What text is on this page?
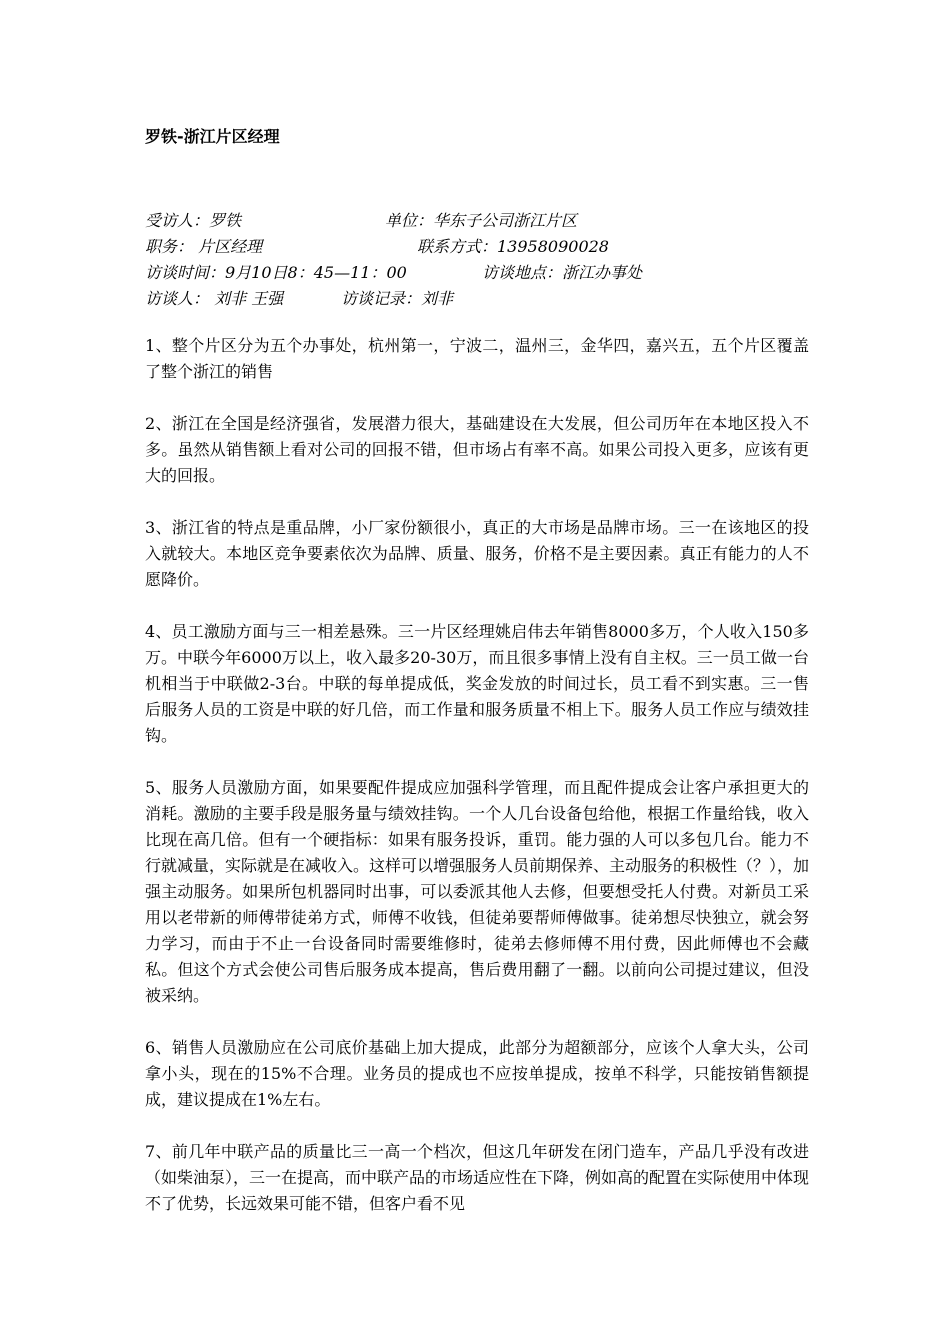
罗铁-浙江片区经理
受访人：罗铁	单位：华东子公司浙江片区
职务： 片区经理	联系方式：13958090028
访谈时间：9月10日8：45—11：00	访谈地点：浙江办事处
访谈人： 刘非 王强	访谈记录：刘非

1、整个片区分为五个办事处，杭州第一，宁波二，温州三，金华四，嘉兴五，五个片区覆盖了整个浙江的销售

2、浙江在全国是经济强省，发展潜力很大，基础建设在大发展，但公司历年在本地区投入不多。虽然从销售额上看对公司的回报不错，但市场占有率不高。如果公司投入更多，应该有更大的回报。

3、浙江省的特点是重品牌，小厂家份额很小，真正的大市场是品牌市场。三一在该地区的投入就较大。本地区竞争要素依次为品牌、质量、服务，价格不是主要因素。真正有能力的人不愿降价。

4、员工激励方面与三一相差悬殊。三一片区经理姚启伟去年销售8000多万，个人收入150多万。中联今年6000万以上，收入最多20-30万，而且很多事情上没有自主权。三一员工做一台机相当于中联做2-3台。中联的每单提成低，奖金发放的时间过长，员工看不到实惠。三一售后服务人员的工资是中联的好几倍，而工作量和服务质量不相上下。服务人员工作应与绩效挂钩。

5、服务人员激励方面，如果要配件提成应加强科学管理，而且配件提成会让客户承担更大的消耗。激励的主要手段是服务量与绩效挂钩。一个人几台设备包给他，根据工作量给钱，收入比现在高几倍。但有一个硬指标：如果有服务投诉，重罚。能力强的人可以多包几台。能力不行就减量，实际就是在减收入。这样可以增强服务人员前期保养、主动服务的积极性（？），加强主动服务。如果所包机器同时出事，可以委派其他人去修，但要想受托人付费。对新员工采用以老带新的师傅带徒弟方式，师傅不收钱，但徒弟要帮师傅做事。徒弟想尽快独立，就会努力学习，而由于不止一台设备同时需要维修时，徒弟去修师傅不用付费，因此师傅也不会藏私。但这个方式会使公司售后服务成本提高，售后费用翻了一翻。以前向公司提过建议，但没被采纳。

6、销售人员激励应在公司底价基础上加大提成，此部分为超额部分，应该个人拿大头，公司拿小头，现在的15%不合理。业务员的提成也不应按单提成，按单不科学，只能按销售额提成，建议提成在1%左右。

7、前几年中联产品的质量比三一高一个档次，但这几年研发在闭门造车，产品几乎没有改进（如柴油泵），三一在提高，而中联产品的市场适应性在下降，例如高的配置在实际使用中体现不了优势，长远效果可能不错，但客户看不见
